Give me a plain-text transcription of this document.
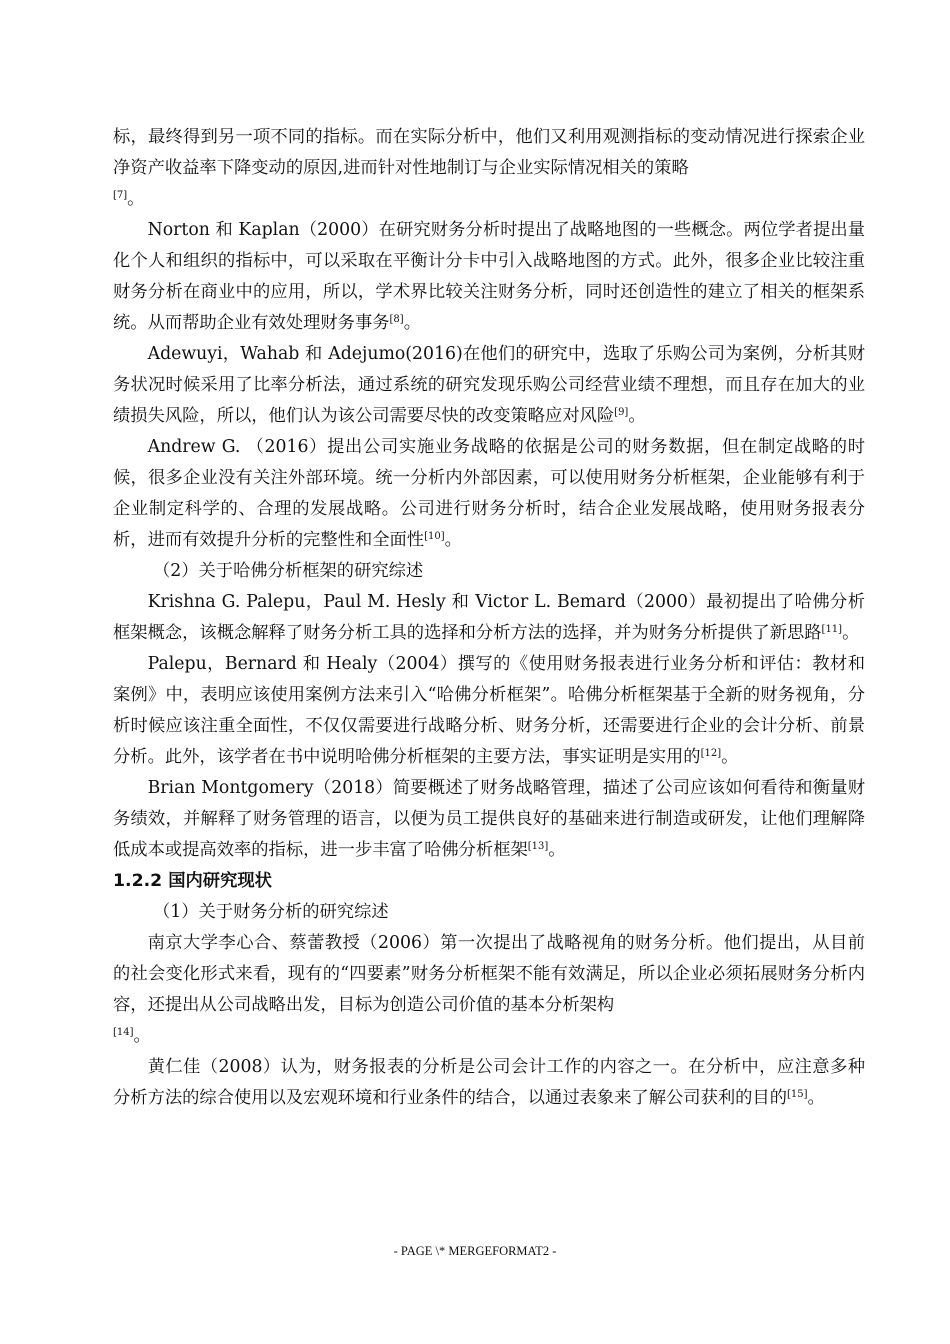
标，最终得到另一项不同的指标。而在实际分析中，他们又利用观测指标的变动情况进行探索企业净资产收益率下降变动的原因,进而针对性地制订与企业实际情况相关的策略
[7]。

Norton 和 Kaplan（2000）在研究财务分析时提出了战略地图的一些概念。两位学者提出量化个人和组织的指标中，可以采取在平衡计分卡中引入战略地图的方式。此外，很多企业比较注重财务分析在商业中的应用，所以，学术界比较关注财务分析，同时还创造性的建立了相关的框架系统。从而帮助企业有效处理财务事务[8]。

Adewuyi，Wahab 和 Adejumo(2016)在他们的研究中，选取了乐购公司为案例，分析其财务状况时候采用了比率分析法，通过系统的研究发现乐购公司经营业绩不理想，而且存在加大的业绩损失风险，所以，他们认为该公司需要尽快的改变策略应对风险[9]。

Andrew G. （2016）提出公司实施业务战略的依据是公司的财务数据，但在制定战略的时候，很多企业没有关注外部环境。统一分析内外部因素，可以使用财务分析框架，企业能够有利于企业制定科学的、合理的发展战略。公司进行财务分析时，结合企业发展战略，使用财务报表分析，进而有效提升分析的完整性和全面性[10]。

（2）关于哈佛分析框架的研究综述

Krishna G. Palepu，Paul M. Hesly 和 Victor L. Bemard（2000）最初提出了哈佛分析框架概念，该概念解释了财务分析工具的选择和分析方法的选择，并为财务分析提供了新思路[11]。

Palepu，Bernard 和 Healy（2004）撰写的《使用财务报表进行业务分析和评估：教材和案例》中，表明应该使用案例方法来引入“哈佛分析框架”。哈佛分析框架基于全新的财务视角，分析时候应该注重全面性，不仅仅需要进行战略分析、财务分析，还需要进行企业的会计分析、前景分析。此外，该学者在书中说明哈佛分析框架的主要方法，事实证明是实用的[12]。

Brian Montgomery（2018）简要概述了财务战略管理，描述了公司应该如何看待和衡量财务绩效，并解释了财务管理的语言，以便为员工提供良好的基础来进行制造或研发，让他们理解降低成本或提高效率的指标，进一步丰富了哈佛分析框架[13]。

1.2.2 国内研究现状

（1）关于财务分析的研究综述

南京大学李心合、蔡蕾教授（2006）第一次提出了战略视角的财务分析。他们提出，从目前的社会变化形式来看，现有的“四要素”财务分析框架不能有效满足，所以企业必须拓展财务分析内容，还提出从公司战略出发，目标为创造公司价值的基本分析架构
[14]。

黄仁佳（2008）认为，财务报表的分析是公司会计工作的内容之一。在分析中，应注意多种分析方法的综合使用以及宏观环境和行业条件的结合，以通过表象来了解公司获利的目的[15]。

- PAGE \* MERGEFORMAT2 -
